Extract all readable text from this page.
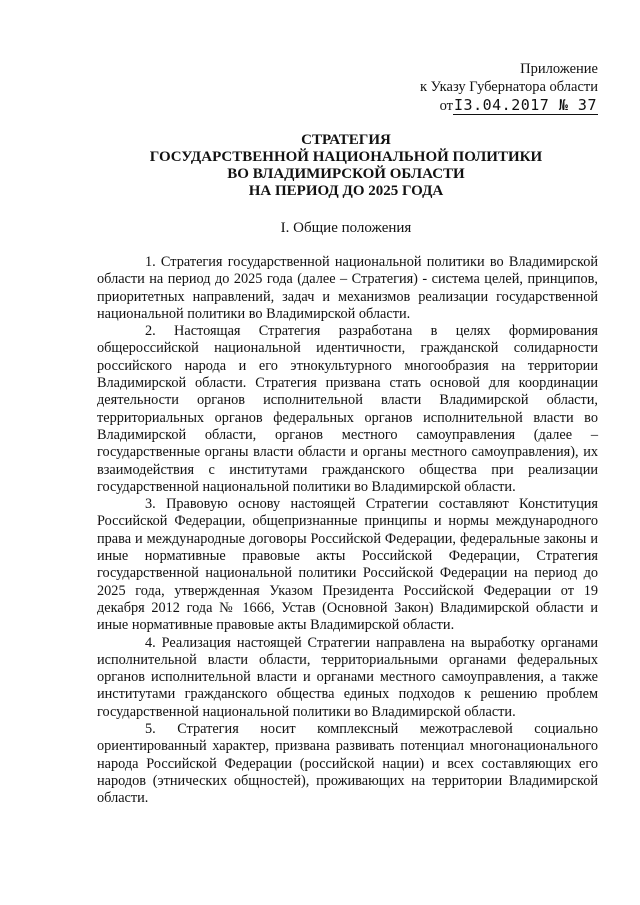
Приложение
к Указу Губернатора области
отI3.04.2017 № 37
СТРАТЕГИЯ
ГОСУДАРСТВЕННОЙ НАЦИОНАЛЬНОЙ ПОЛИТИКИ
ВО ВЛАДИМИРСКОЙ ОБЛАСТИ
НА ПЕРИОД ДО 2025 ГОДА
I. Общие положения

1. Стратегия государственной национальной политики во Владимирской области на период до 2025 года (далее – Стратегия) - система целей, принципов, приоритетных направлений, задач и механизмов реализации государственной национальной политики во Владимирской области.

2. Настоящая Стратегия разработана в целях формирования общероссийской национальной идентичности, гражданской солидарности российского народа и его этнокультурного многообразия на территории Владимирской области. Стратегия призвана стать основой для координации деятельности органов исполнительной власти Владимирской области, территориальных органов федеральных органов исполнительной власти во Владимирской области, органов местного самоуправления (далее – государственные органы власти области и органы местного самоуправления), их взаимодействия с институтами гражданского общества при реализации государственной национальной политики во Владимирской области.

3. Правовую основу настоящей Стратегии составляют Конституция Российской Федерации, общепризнанные принципы и нормы международного права и международные договоры Российской Федерации, федеральные законы и иные нормативные правовые акты Российской Федерации, Стратегия государственной национальной политики Российской Федерации на период до 2025 года, утвержденная Указом Президента Российской Федерации от 19 декабря 2012 года № 1666, Устав (Основной Закон) Владимирской области и иные нормативные правовые акты Владимирской области.

4. Реализация настоящей Стратегии направлена на выработку органами исполнительной власти области, территориальными органами федеральных органов исполнительной власти и органами местного самоуправления, а также институтами гражданского общества единых подходов к решению проблем государственной национальной политики во Владимирской области.

5. Стратегия носит комплексный межотраслевой социально ориентированный характер, призвана развивать потенциал многонационального народа Российской Федерации (российской нации) и всех составляющих его народов (этнических общностей), проживающих на территории Владимирской области.
